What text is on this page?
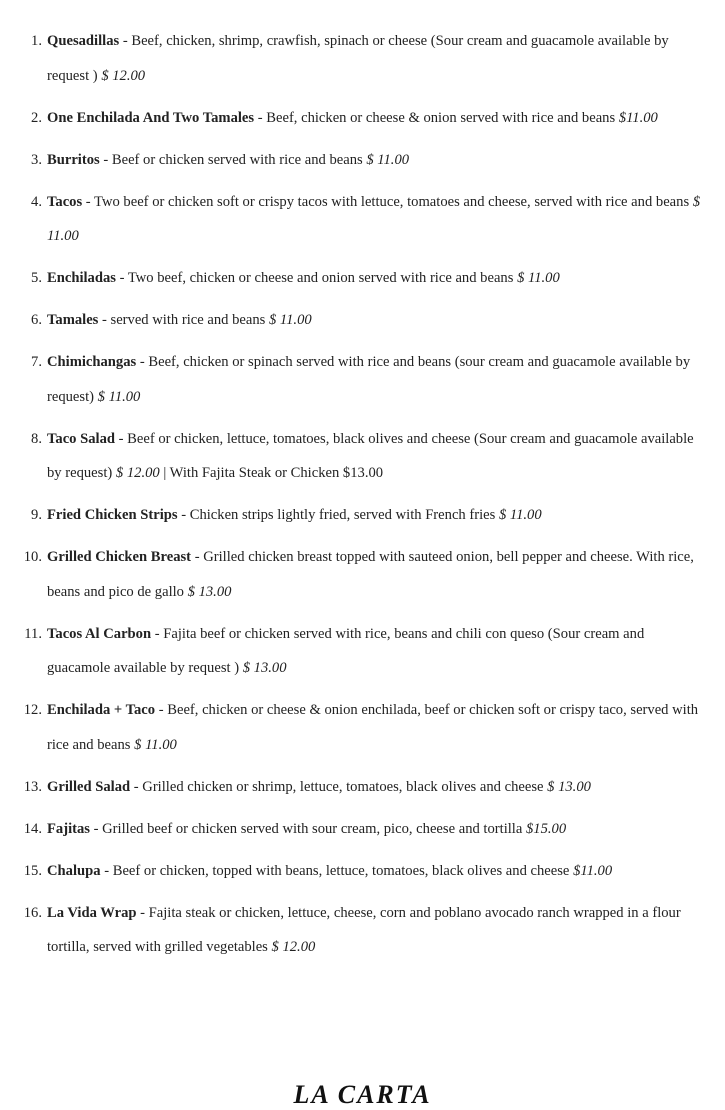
1. Quesadillas - Beef, chicken, shrimp, crawfish, spinach or cheese (Sour cream and guacamole available by request ) $ 12.00
2. One Enchilada And Two Tamales - Beef, chicken or cheese & onion served with rice and beans $11.00
3. Burritos - Beef or chicken served with rice and beans $ 11.00
4. Tacos - Two beef or chicken soft or crispy tacos with lettuce, tomatoes and cheese, served with rice and beans $ 11.00
5. Enchiladas - Two beef, chicken or cheese and onion served with rice and beans $ 11.00
6. Tamales - served with rice and beans $ 11.00
7. Chimichangas - Beef, chicken or spinach served with rice and beans (sour cream and guacamole available by request) $ 11.00
8. Taco Salad - Beef or chicken, lettuce, tomatoes, black olives and cheese (Sour cream and guacamole available by request) $ 12.00 | With Fajita Steak or Chicken $13.00
9. Fried Chicken Strips - Chicken strips lightly fried, served with French fries $ 11.00
10. Grilled Chicken Breast - Grilled chicken breast topped with sauteed onion, bell pepper and cheese. With rice, beans and pico de gallo $ 13.00
11. Tacos Al Carbon - Fajita beef or chicken served with rice, beans and chili con queso (Sour cream and guacamole available by request ) $ 13.00
12. Enchilada + Taco - Beef, chicken or cheese & onion enchilada, beef or chicken soft or crispy taco, served with rice and beans $ 11.00
13. Grilled Salad - Grilled chicken or shrimp, lettuce, tomatoes, black olives and cheese $ 13.00
14. Fajitas - Grilled beef or chicken served with sour cream, pico, cheese and tortilla $15.00
15. Chalupa - Beef or chicken, topped with beans, lettuce, tomatoes, black olives and cheese $11.00
16. La Vida Wrap - Fajita steak or chicken, lettuce, cheese, corn and poblano avocado ranch wrapped in a flour tortilla, served with grilled vegetables $ 12.00
LA CARTA
